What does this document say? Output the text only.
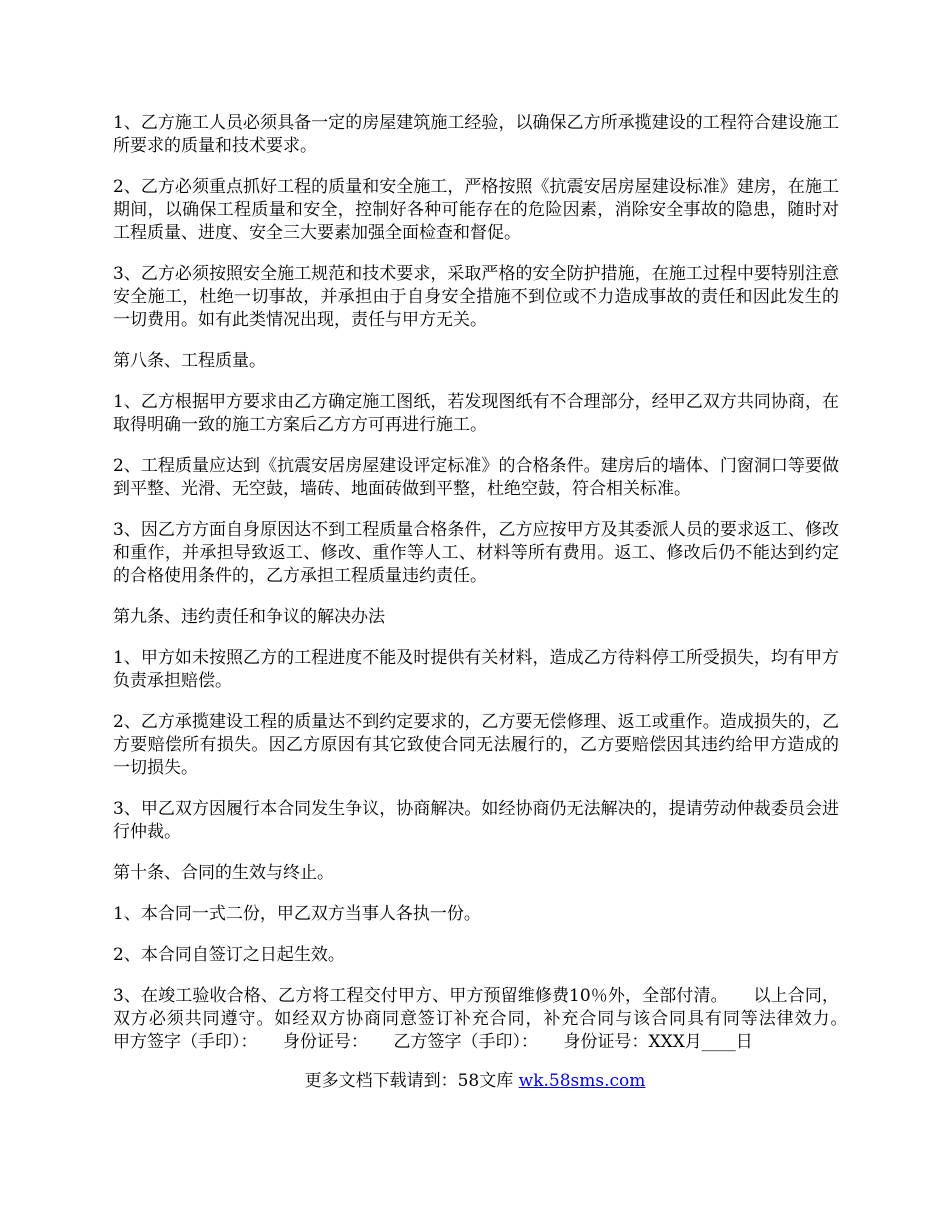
1、乙方施工人员必须具备一定的房屋建筑施工经验，以确保乙方所承揽建设的工程符合建设施工所要求的质量和技术要求。

2、乙方必须重点抓好工程的质量和安全施工，严格按照《抗震安居房屋建设标准》建房，在施工期间，以确保工程质量和安全，控制好各种可能存在的危险因素，消除安全事故的隐患，随时对工程质量、进度、安全三大要素加强全面检查和督促。

3、乙方必须按照安全施工规范和技术要求，采取严格的安全防护措施，在施工过程中要特别注意安全施工，杜绝一切事故，并承担由于自身安全措施不到位或不力造成事故的责任和因此发生的一切费用。如有此类情况出现，责任与甲方无关。

第八条、工程质量。

1、乙方根据甲方要求由乙方确定施工图纸，若发现图纸有不合理部分，经甲乙双方共同协商，在取得明确一致的施工方案后乙方方可再进行施工。

2、工程质量应达到《抗震安居房屋建设评定标准》的合格条件。建房后的墙体、门窗洞口等要做到平整、光滑、无空鼓，墙砖、地面砖做到平整，杜绝空鼓，符合相关标准。

3、因乙方方面自身原因达不到工程质量合格条件，乙方应按甲方及其委派人员的要求返工、修改和重作，并承担导致返工、修改、重作等人工、材料等所有费用。返工、修改后仍不能达到约定的合格使用条件的，乙方承担工程质量违约责任。

第九条、违约责任和争议的解决办法

1、甲方如未按照乙方的工程进度不能及时提供有关材料，造成乙方待料停工所受损失，均有甲方负责承担赔偿。

2、乙方承揽建设工程的质量达不到约定要求的，乙方要无偿修理、返工或重作。造成损失的，乙方要赔偿所有损失。因乙方原因有其它致使合同无法履行的，乙方要赔偿因其违约给甲方造成的一切损失。

3、甲乙双方因履行本合同发生争议，协商解决。如经协商仍无法解决的，提请劳动仲裁委员会进行仲裁。

第十条、合同的生效与终止。

1、本合同一式二份，甲乙双方当事人各执一份。

2、本合同自签订之日起生效。

3、在竣工验收合格、乙方将工程交付甲方、甲方预留维修费10％外，全部付清。　　以上合同，双方必须共同遵守。如经双方协商同意签订补充合同，补充合同与该合同具有同等法律效力。　　甲方签字（手印）：　　身份证号：　　乙方签字（手印）：　　身份证号：XXX月____日

更多文档下载请到：58文库 wk.58sms.com
